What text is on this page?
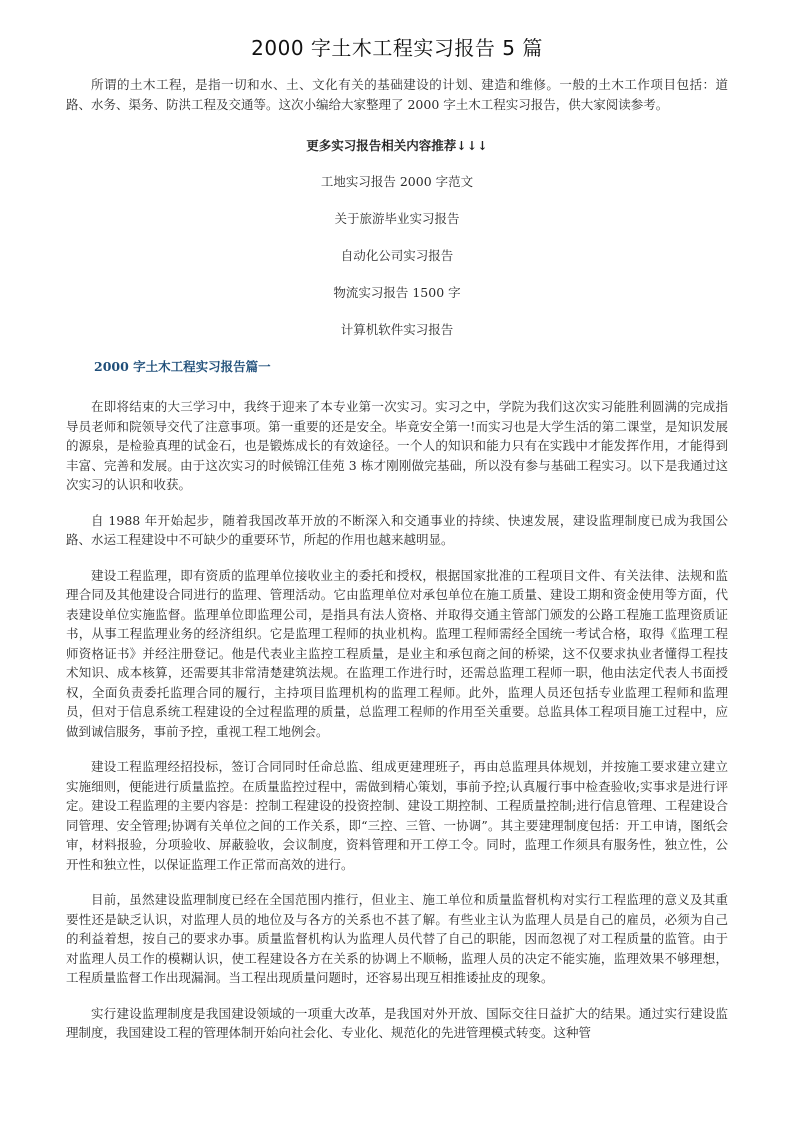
2000 字土木工程实习报告 5 篇

所谓的土木工程，是指一切和水、土、文化有关的基础建设的计划、建造和维修。一般的土木工作项目包括：道路、水务、渠务、防洪工程及交通等。这次小编给大家整理了 2000 字土木工程实习报告，供大家阅读参考。

更多实习报告相关内容推荐↓↓↓
工地实习报告 2000 字范文
关于旅游毕业实习报告
自动化公司实习报告
物流实习报告 1500 字
计算机软件实习报告
2000 字土木工程实习报告篇一

在即将结束的大三学习中，我终于迎来了本专业第一次实习。实习之中，学院为我们这次实习能胜利圆满的完成指导员老师和院领导交代了注意事项。第一重要的还是安全。毕竟安全第一!而实习也是大学生活的第二课堂，是知识发展的源泉，是检验真理的试金石，也是锻炼成长的有效途径。一个人的知识和能力只有在实践中才能发挥作用，才能得到丰富、完善和发展。由于这次实习的时候锦江佳苑 3 栋才刚刚做完基础，所以没有参与基础工程实习。以下是我通过这次实习的认识和收获。

自 1988 年开始起步，随着我国改革开放的不断深入和交通事业的持续、快速发展，建设监理制度已成为我国公路、水运工程建设中不可缺少的重要环节，所起的作用也越来越明显。

建设工程监理，即有资质的监理单位接收业主的委托和授权，根据国家批准的工程项目文件、有关法律、法规和监理合同及其他建设合同进行的监理、管理活动。它由监理单位对承包单位在施工质量、建设工期和资金使用等方面，代表建设单位实施监督。监理单位即监理公司，是指具有法人资格、并取得交通主管部门颁发的公路工程施工监理资质证书，从事工程监理业务的经济组织。它是监理工程师的执业机构。监理工程师需经全国统一考试合格，取得《监理工程师资格证书》并经注册登记。他是代表业主监控工程质量，是业主和承包商之间的桥梁，这不仅要求执业者懂得工程技术知识、成本核算，还需要其非常清楚建筑法规。在监理工作进行时，还需总监理工程师一职，他由法定代表人书面授权，全面负责委托监理合同的履行，主持项目监理机构的监理工程师。此外，监理人员还包括专业监理工程师和监理员，但对于信息系统工程建设的全过程监理的质量，总监理工程师的作用至关重要。总监具体工程项目施工过程中，应做到诚信服务，事前予控，重视工程工地例会。

建设工程监理经招投标，签订合同同时任命总监、组成更建理班子，再由总监理具体规划，并按施工要求建立建立实施细则，便能进行质量监控。在质量监控过程中，需做到精心策划，事前予控;认真履行事中检查验收;实事求是进行评定。建设工程监理的主要内容是：控制工程建设的投资控制、建设工期控制、工程质量控制;进行信息管理、工程建设合同管理、安全管理;协调有关单位之间的工作关系，即“三控、三管、一协调”。其主要建理制度包括：开工申请，图纸会审，材料报验，分项验收、屏蔽验收，会议制度，资料管理和开工停工令。同时，监理工作须具有服务性，独立性，公开性和独立性，以保证监理工作正常而高效的进行。

目前，虽然建设监理制度已经在全国范围内推行，但业主、施工单位和质量监督机构对实行工程监理的意义及其重要性还是缺乏认识，对监理人员的地位及与各方的关系也不甚了解。有些业主认为监理人员是自己的雇员，必须为自己的利益着想，按自己的要求办事。质量监督机构认为监理人员代替了自己的职能，因而忽视了对工程质量的监管。由于对监理人员工作的模糊认识，使工程建设各方在关系的协调上不顺畅，监理人员的决定不能实施，监理效果不够理想，工程质量监督工作出现漏洞。当工程出现质量问题时，还容易出现互相推诿扯皮的现象。

实行建设监理制度是我国建设领域的一项重大改革，是我国对外开放、国际交往日益扩大的结果。通过实行建设监理制度，我国建设工程的管理体制开始向社会化、专业化、规范化的先进管理模式转变。这种管
